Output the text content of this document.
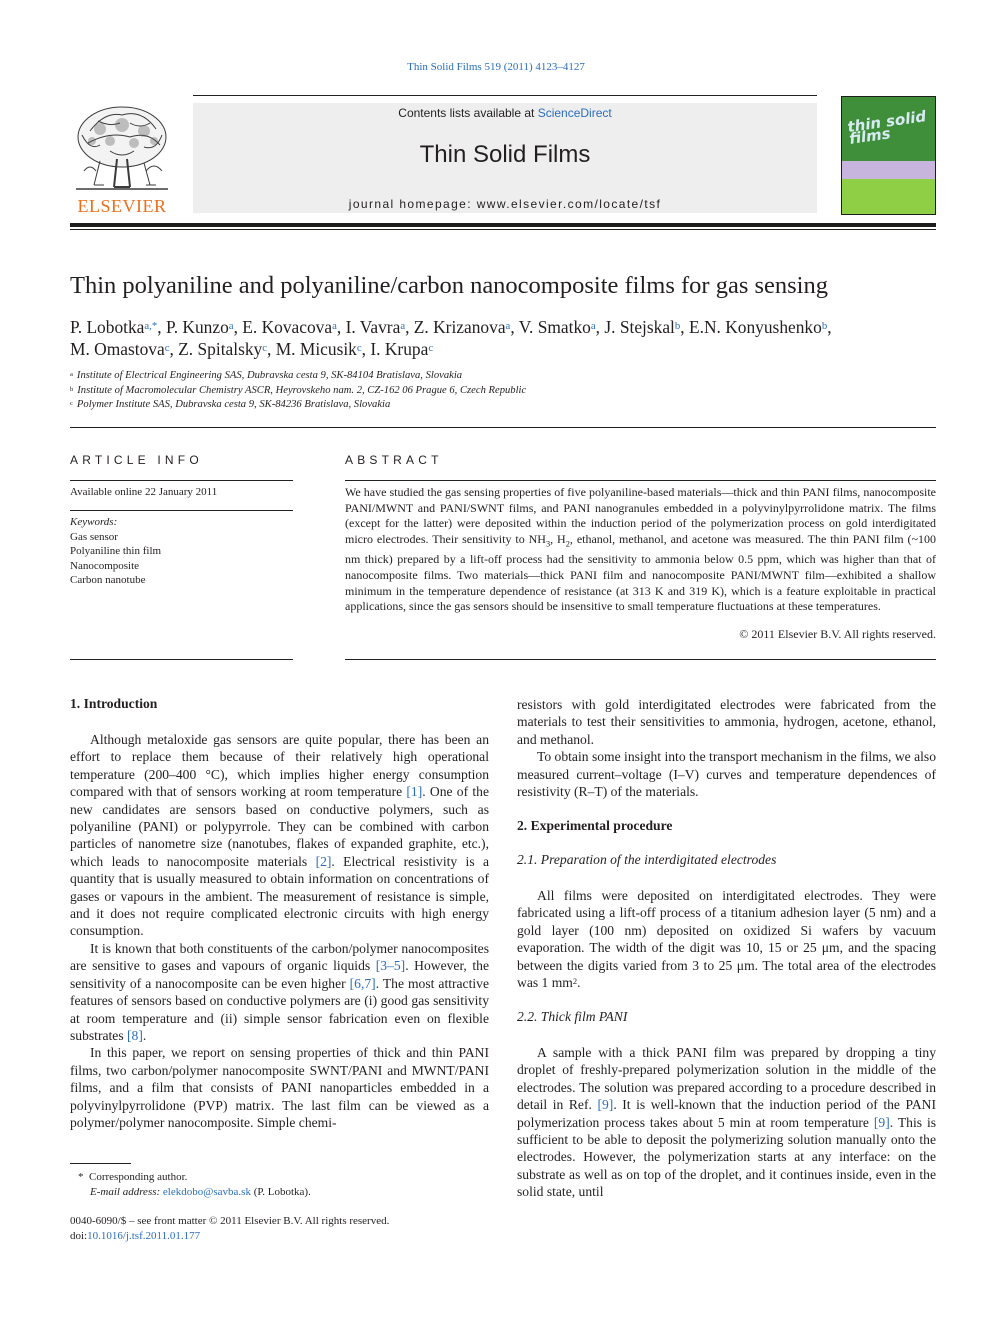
Thin Solid Films 519 (2011) 4123–4127
ELSEVIER
Contents lists available at ScienceDirect
Thin Solid Films
journal homepage: www.elsevier.com/locate/tsf
thin solid films
Thin polyaniline and polyaniline/carbon nanocomposite films for gas sensing
P. Lobotka$^{a,*}$, P. Kunzo$^a$, E. Kovacova$^a$, I. Vavra$^a$, Z. Krizanova$^a$, V. Smatko$^a$, J. Stejskal$^b$, E.N. Konyushenko$^b$,
M. Omastova$^c$, Z. Spitalsky$^c$, M. Micusik$^c$, I. Krupa$^c$
$^a$ Institute of Electrical Engineering SAS, Dubravska cesta 9, SK-84104 Bratislava, Slovakia
$^b$ Institute of Macromolecular Chemistry ASCR, Heyrovskeho nam. 2, CZ-162 06 Prague 6, Czech Republic
$^c$ Polymer Institute SAS, Dubravska cesta 9, SK-84236 Bratislava, Slovakia
ARTICLE INFO
Available online 22 January 2011
Keywords:
Gas sensor
Polyaniline thin film
Nanocomposite
Carbon nanotube
ABSTRACT
We have studied the gas sensing properties of five polyaniline-based materials—thick and thin PANI films, nanocomposite PANI/MWNT and PANI/SWNT films, and PANI nanogranules embedded in a polyvinylpyrrolidone matrix. The films (except for the latter) were deposited within the induction period of the polymerization process on gold interdigitated micro electrodes. Their sensitivity to $NH_3$, $H_2$, ethanol, methanol, and acetone was measured. The thin PANI film (~100 nm thick) prepared by a lift-off process had the sensitivity to ammonia below 0.5 ppm, which was higher than that of nanocomposite films. Two materials—thick PANI film and nanocomposite PANI/MWNT film—exhibited a shallow minimum in the temperature dependence of resistance (at 313 K and 319 K), which is a feature exploitable in practical applications, since the gas sensors should be insensitive to small temperature fluctuations at these temperatures.
© 2011 Elsevier B.V. All rights reserved.
1. Introduction

Although metaloxide gas sensors are quite popular, there has been an effort to replace them because of their relatively high operational temperature (200–400 °C), which implies higher energy consumption compared with that of sensors working at room temperature [1]. One of the new candidates are sensors based on conductive polymers, such as polyaniline (PANI) or polypyrrole. They can be combined with carbon particles of nanometre size (nanotubes, flakes of expanded graphite, etc.), which leads to nanocomposite materials [2]. Electrical resistivity is a quantity that is usually measured to obtain information on concentrations of gases or vapours in the ambient. The measurement of resistance is simple, and it does not require complicated electronic circuits with high energy consumption.

It is known that both constituents of the carbon/polymer nanocomposites are sensitive to gases and vapours of organic liquids [3–5]. However, the sensitivity of a nanocomposite can be even higher [6,7]. The most attractive features of sensors based on conductive polymers are (i) good gas sensitivity at room temperature and (ii) simple sensor fabrication even on flexible substrates [8].

In this paper, we report on sensing properties of thick and thin PANI films, two carbon/polymer nanocomposite SWNT/PANI and MWNT/PANI films, and a film that consists of PANI nanoparticles embedded in a polyvinylpyrrolidone (PVP) matrix. The last film can be viewed as a polymer/polymer nanocomposite. Simple chemi-

resistors with gold interdigitated electrodes were fabricated from the materials to test their sensitivities to ammonia, hydrogen, acetone, ethanol, and methanol.

To obtain some insight into the transport mechanism in the films, we also measured current–voltage (I–V) curves and temperature dependences of resistivity (R–T) of the materials.

2. Experimental procedure
2.1. Preparation of the interdigitated electrodes

All films were deposited on interdigitated electrodes. They were fabricated using a lift-off process of a titanium adhesion layer (5 nm) and a gold layer (100 nm) deposited on oxidized Si wafers by vacuum evaporation. The width of the digit was 10, 15 or 25 μm, and the spacing between the digits varied from 3 to 25 μm. The total area of the electrodes was 1 $mm^2$.

2.2. Thick film PANI

A sample with a thick PANI film was prepared by dropping a tiny droplet of freshly-prepared polymerization solution in the middle of the electrodes. The solution was prepared according to a procedure described in detail in Ref. [9]. It is well-known that the induction period of the PANI polymerization process takes about 5 min at room temperature [9]. This is sufficient to be able to deposit the polymerizing solution manually onto the electrodes. However, the polymerization starts at any interface: on the substrate as well as on top of the droplet, and it continues inside, even in the solid state, until

* Corresponding author.
E-mail address: elekdobo@savba.sk (P. Lobotka).
0040-6090/$ – see front matter © 2011 Elsevier B.V. All rights reserved.
doi:10.1016/j.tsf.2011.01.177
